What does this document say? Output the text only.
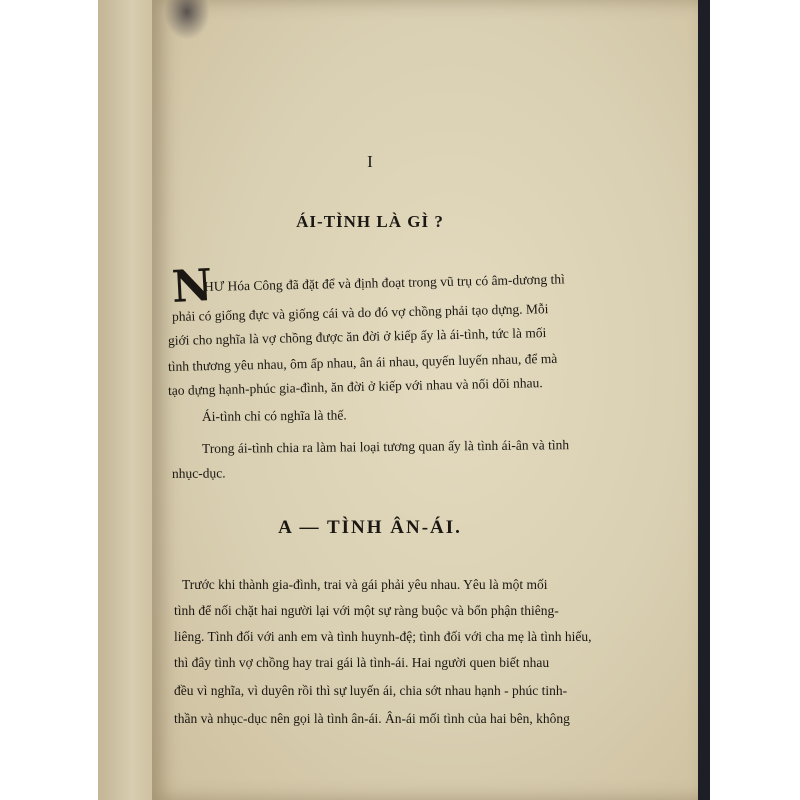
I
ÁI-TÌNH LÀ GÌ ?
N
HƯ Hóa Công đã đặt để và định đoạt trong vũ trụ có âm-dương thì
phải có giống đực và giống cái và do đó vợ chồng phải tạo dựng. Mỗi
giới cho nghĩa là vợ chồng được ăn đời ở kiếp ấy là ái-tình, tức là mối
tình thương yêu nhau, ôm ấp nhau, ân ái nhau, quyến luyến nhau, để mà
tạo dựng hạnh-phúc gia-đình, ăn đời ở kiếp với nhau và nối dõi nhau.
Ái-tình chỉ có nghĩa là thế.
Trong ái-tình chia ra làm hai loại tương quan ấy là tình ái-ân và tình
nhục-dục.
A — TÌNH ÂN-ÁI.
Trước khi thành gia-đình, trai và gái phải yêu nhau. Yêu là một mối
tình để nối chặt hai người lại với một sự ràng buộc và bổn phận thiêng-
liêng. Tình đối với anh em và tình huynh-đệ; tình đối với cha mẹ là tình hiếu,
thì đây tình vợ chồng hay trai gái là tình-ái. Hai người quen biết nhau
đều vì nghĩa, vì duyên rồi thì sự luyến ái, chia sớt nhau hạnh - phúc tinh-
thần và nhục-dục nên gọi là tình ân-ái. Ân-ái mối tình của hai bên, không
